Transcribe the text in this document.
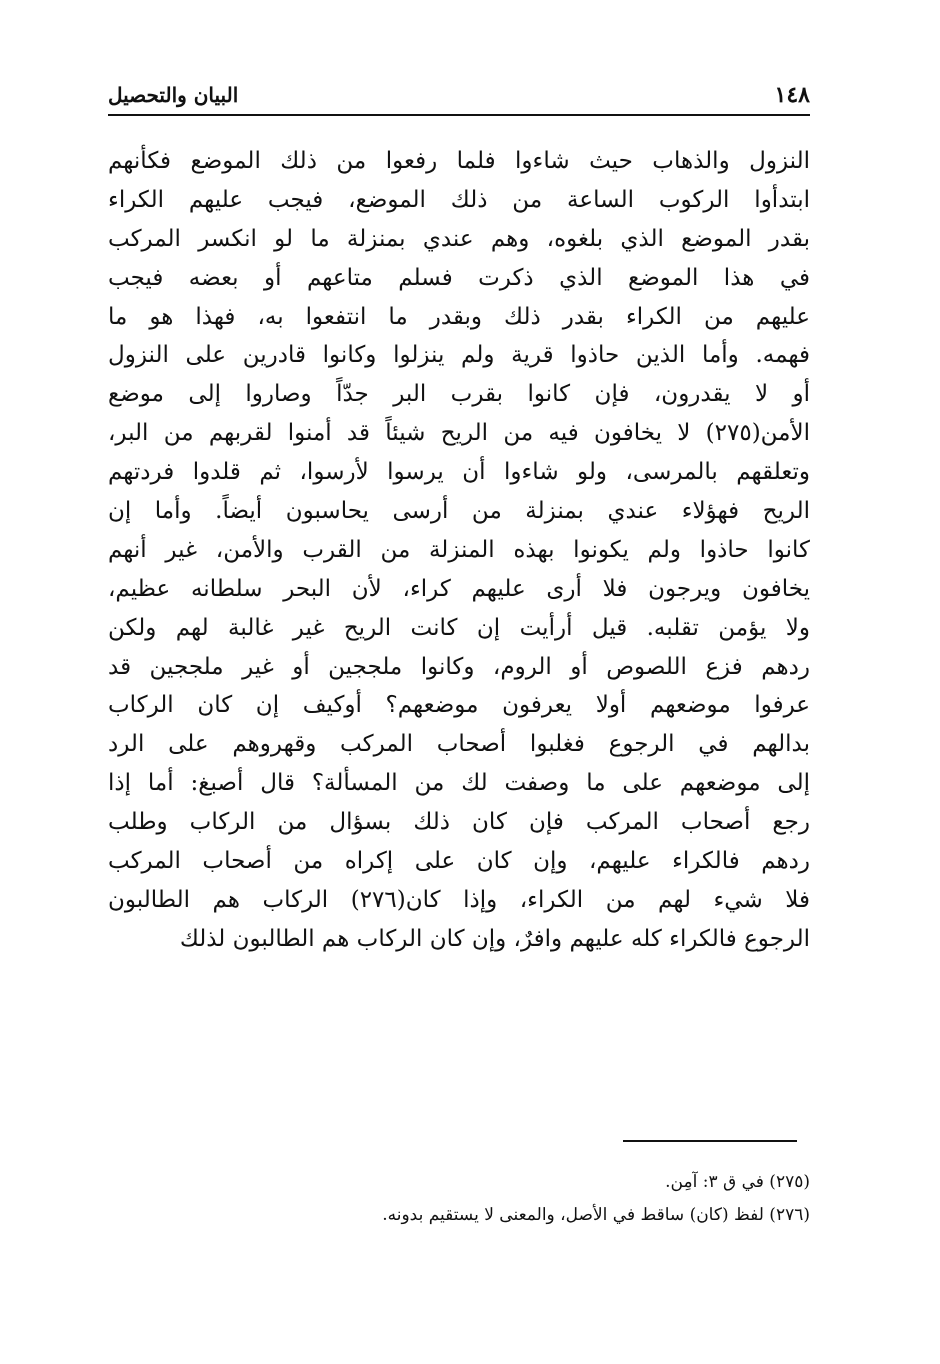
١٤٨
البيان والتحصيل
النزول والذهاب حيث شاءوا فلما رفعوا من ذلك الموضع فكأنهم
ابتدأوا الركوب الساعة من ذلك الموضع، فيجب عليهم الكراء
بقدر الموضع الذي بلغوه، وهم عندي بمنزلة ما لو انكسر المركب
في هذا الموضع الذي ذكرت فسلم متاعهم أو بعضه فيجب
عليهم من الكراء بقدر ذلك وبقدر ما انتفعوا به، فهذا هو ما
فهمه. وأما الذين حاذوا قرية ولم ينزلوا وكانوا قادرين على النزول
أو لا يقدرون، فإن كانوا بقرب البر جدّاً وصاروا إلى موضع
الأمن(٢٧٥) لا يخافون فيه من الريح شيئاً قد أمنوا لقربهم من البر،
وتعلقهم بالمرسى، ولو شاءوا أن يرسوا لأرسوا، ثم قلدوا فردتهم
الريح فهؤلاء عندي بمنزلة من أرسى يحاسبون أيضاً. وأما إن
كانوا حاذوا ولم يكونوا بهذه المنزلة من القرب والأمن، غير أنهم
يخافون ويرجون فلا أرى عليهم كراء، لأن البحر سلطانه عظيم،
ولا يؤمن تقلبه. قيل أرأيت إن كانت الريح غير غالبة لهم ولكن
ردهم فزع اللصوص أو الروم، وكانوا ملججين أو غير ملججين قد
عرفوا موضعهم أولا يعرفون موضعهم؟ أوكيف إن كان الركاب
بدالهم في الرجوع فغلبوا أصحاب المركب وقهروهم على الرد
إلى موضعهم على ما وصفت لك من المسألة؟ قال أصبغ: أما إذا
رجع أصحاب المركب فإن كان ذلك بسؤال من الركاب وطلب
ردهم فالكراء عليهم، وإن كان على إكراه من أصحاب المركب
فلا شيء لهم من الكراء، وإذا كان(٢٧٦) الركاب هم الطالبون
الرجوع فالكراء كله عليهم وافرٌ، وإن كان الركاب هم الطالبون لذلك
(٢٧٥) في ق ٣: آمِن.
(٢٧٦) لفظ (كان) ساقط في الأصل، والمعنى لا يستقيم بدونه.
